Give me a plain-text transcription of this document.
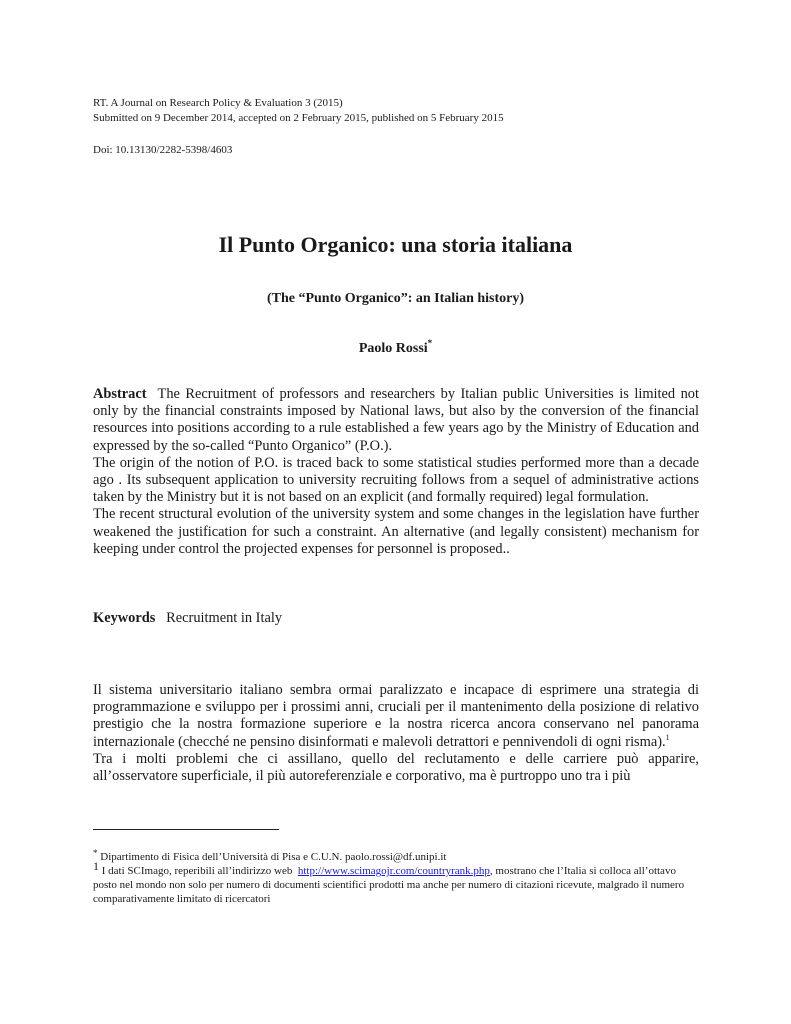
RT. A Journal on Research Policy & Evaluation 3 (2015)
Submitted on 9 December 2014, accepted on 2 February 2015, published on 5 February 2015
Doi: 10.13130/2282-5398/4603
Il Punto Organico: una storia italiana
(The “Punto Organico”: an Italian history)
Paolo Rossi*

Abstract The Recruitment of professors and researchers by Italian public Universities is limited not only by the financial constraints imposed by National laws, but also by the conversion of the financial resources into positions according to a rule established a few years ago by the Ministry of Education and expressed by the so-called “Punto Organico” (P.O.).

The origin of the notion of P.O. is traced back to some statistical studies performed more than a decade ago . Its subsequent application to university recruiting follows from a sequel of administrative actions taken by the Ministry but it is not based on an explicit (and formally required) legal formulation.

The recent structural evolution of the university system and some changes in the legislation have further weakened the justification for such a constraint. An alternative (and legally consistent) mechanism for keeping under control the projected expenses for personnel is proposed..

Keywords Recruitment in Italy

Il sistema universitario italiano sembra ormai paralizzato e incapace di esprimere una strategia di programmazione e sviluppo per i prossimi anni, cruciali per il mantenimento della posizione di relativo prestigio che la nostra formazione superiore e la nostra ricerca ancora conservano nel panorama internazionale (checché ne pensino disinformati e malevoli detrattori e pennivendoli di ogni risma).$^1$

Tra i molti problemi che ci assillano, quello del reclutamento e delle carriere può apparire, all’osservatore superficiale, il più autoreferenziale e corporativo, ma è purtroppo uno tra i più

* Dipartimento di Fisica dell’Università di Pisa e C.U.N. paolo.rossi@df.unipi.it

1 I dati SCImago, reperibili all’indirizzo web http://www.scimagojr.com/countryrank.php, mostrano che l’Italia si colloca all’ottavo posto nel mondo non solo per numero di documenti scientifici prodotti ma anche per numero di citazioni ricevute, malgrado il numero comparativamente limitato di ricercatori
